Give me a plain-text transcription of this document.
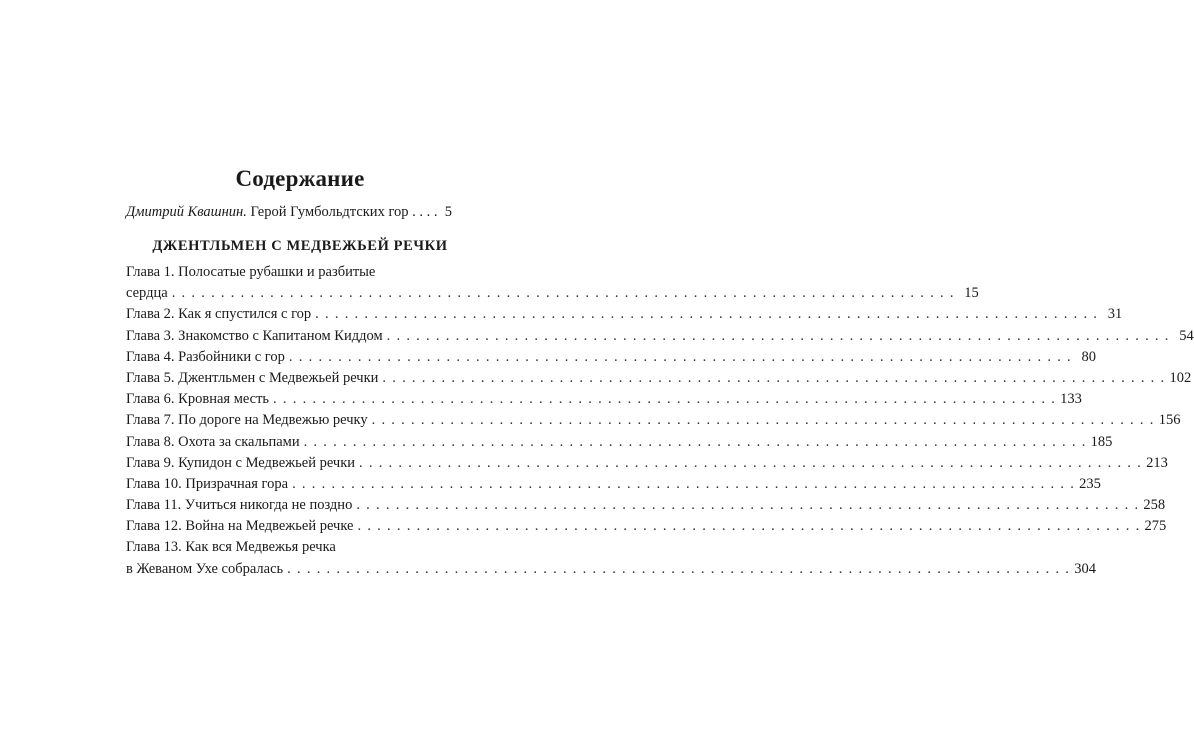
Содержание
Дмитрий Квашнин. Герой Гумбольдтских гор . . . . 5
ДЖЕНТЛЬМЕН С МЕДВЕЖЬЕЙ РЕЧКИ
Глава 1. Полосатые рубашки и разбитые
сердца . . . . . . . . . . . . . . . . . . . . . . . . . . . . . . . . . . . . . . . . . . . . . . . . . . . . . . . . . . . . . . . . . . . . . . . . . . . . . . . . 15
Глава 2. Как я спустился с гор . . . . . . . . . . . . . . . . . . . . . . . . . . . . . . . . . . . . . . . . . . . . . . . . . . . . . . . . . . . . . . . . . . . . . . . . . . . . . . . . 31
Глава 3. Знакомство с Капитаном Киддом . . . . . . . . . . . . . . . . . . . . . . . . . . . . . . . . . . . . . . . . . . . . . . . . . . . . . . . . . . . . . . . . . . . . . . . . . . . . . . . . 54
Глава 4. Разбойники с гор . . . . . . . . . . . . . . . . . . . . . . . . . . . . . . . . . . . . . . . . . . . . . . . . . . . . . . . . . . . . . . . . . . . . . . . . . . . . . . . . 80
Глава 5. Джентльмен с Медвежьей речки . . . . . . . . . . . . . . . . . . . . . . . . . . . . . . . . . . . . . . . . . . . . . . . . . . . . . . . . . . . . . . . . . . . . . . . . . . . . . . . . 102
Глава 6. Кровная месть . . . . . . . . . . . . . . . . . . . . . . . . . . . . . . . . . . . . . . . . . . . . . . . . . . . . . . . . . . . . . . . . . . . . . . . . . . . . . . . . 133
Глава 7. По дороге на Медвежью речку . . . . . . . . . . . . . . . . . . . . . . . . . . . . . . . . . . . . . . . . . . . . . . . . . . . . . . . . . . . . . . . . . . . . . . . . . . . . . . . . 156
Глава 8. Охота за скальпами . . . . . . . . . . . . . . . . . . . . . . . . . . . . . . . . . . . . . . . . . . . . . . . . . . . . . . . . . . . . . . . . . . . . . . . . . . . . . . . . 185
Глава 9. Купидон с Медвежьей речки . . . . . . . . . . . . . . . . . . . . . . . . . . . . . . . . . . . . . . . . . . . . . . . . . . . . . . . . . . . . . . . . . . . . . . . . . . . . . . . . 213
Глава 10. Призрачная гора . . . . . . . . . . . . . . . . . . . . . . . . . . . . . . . . . . . . . . . . . . . . . . . . . . . . . . . . . . . . . . . . . . . . . . . . . . . . . . . . 235
Глава 11. Учиться никогда не поздно . . . . . . . . . . . . . . . . . . . . . . . . . . . . . . . . . . . . . . . . . . . . . . . . . . . . . . . . . . . . . . . . . . . . . . . . . . . . . . . . 258
Глава 12. Война на Медвежьей речке . . . . . . . . . . . . . . . . . . . . . . . . . . . . . . . . . . . . . . . . . . . . . . . . . . . . . . . . . . . . . . . . . . . . . . . . . . . . . . . . 275
Глава 13. Как вся Медвежья речка
в Жеваном Ухе собралась . . . . . . . . . . . . . . . . . . . . . . . . . . . . . . . . . . . . . . . . . . . . . . . . . . . . . . . . . . . . . . . . . . . . . . . . . . . . . . . . 304
